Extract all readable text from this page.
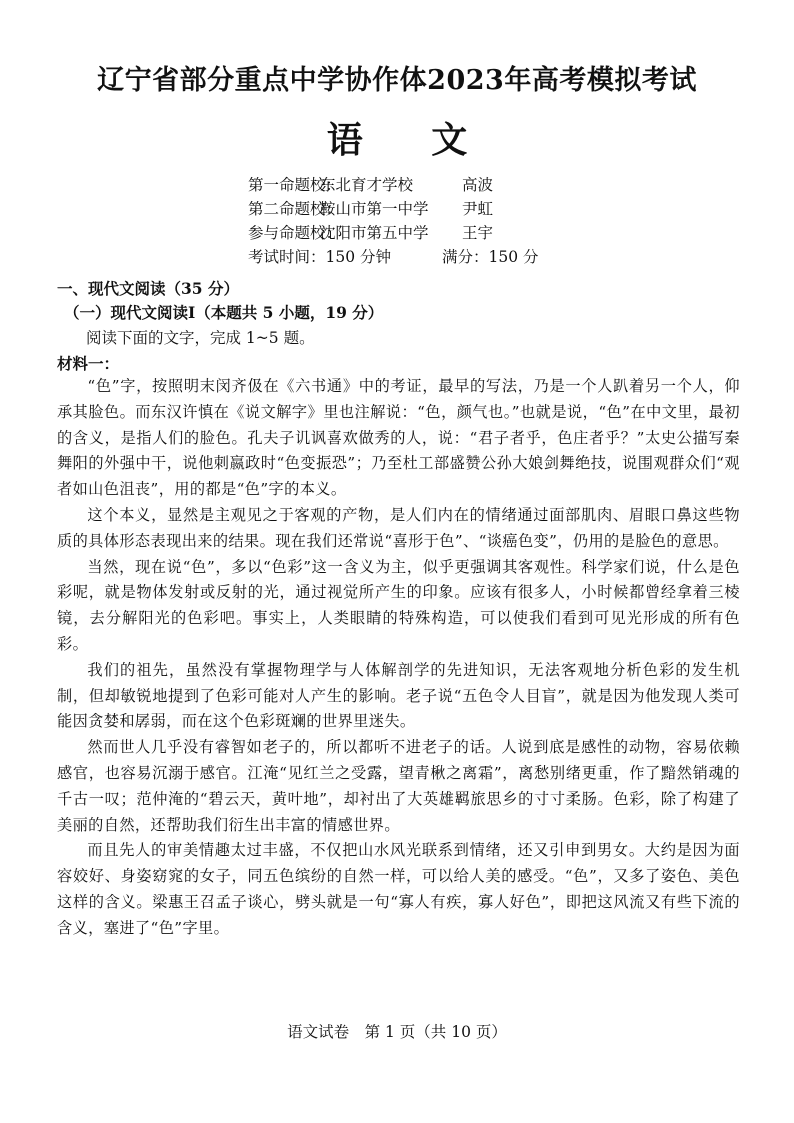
辽宁省部分重点中学协作体2023年高考模拟考试
语 文
第一命题校：
东北育才学校	高波
第二命题校：
鞍山市第一中学	尹虹
参与命题校：
沈阳市第五中学	王宇
考试时间：150 分钟	满分：150 分
一、现代文阅读（35 分）
（一）现代文阅读Ⅰ（本题共 5 小题，19 分）
阅读下面的文字，完成 1~5 题。
材料一：

“色”字，按照明末闵齐伋在《六书通》中的考证，最早的写法，乃是一个人趴着另一个人，仰承其脸色。而东汉许慎在《说文解字》里也注解说：“色，颜气也。”也就是说，“色”在中文里，最初的含义，是指人们的脸色。孔夫子讥讽喜欢做秀的人，说：“君子者乎，色庄者乎？”太史公描写秦舞阳的外强中干，说他刺嬴政时“色变振恐”；乃至杜工部盛赞公孙大娘剑舞绝技，说围观群众们“观者如山色沮丧”，用的都是“色”字的本义。

这个本义，显然是主观见之于客观的产物，是人们内在的情绪通过面部肌肉、眉眼口鼻这些物质的具体形态表现出来的结果。现在我们还常说“喜形于色”、“谈癌色变”，仍用的是脸色的意思。

当然，现在说“色”，多以“色彩”这一含义为主，似乎更强调其客观性。科学家们说，什么是色彩呢，就是物体发射或反射的光，通过视觉所产生的印象。应该有很多人，小时候都曾经拿着三棱镜，去分解阳光的色彩吧。事实上，人类眼睛的特殊构造，可以使我们看到可见光形成的所有色彩。

我们的祖先，虽然没有掌握物理学与人体解剖学的先进知识，无法客观地分析色彩的发生机制，但却敏锐地提到了色彩可能对人产生的影响。老子说“五色令人目盲”，就是因为他发现人类可能因贪婪和孱弱，而在这个色彩斑斓的世界里迷失。

然而世人几乎没有睿智如老子的，所以都听不进老子的话。人说到底是感性的动物，容易依赖感官，也容易沉溺于感官。江淹“见红兰之受露，望青楸之离霜”，离愁别绪更重，作了黯然销魂的千古一叹；范仲淹的“碧云天，黄叶地”，却衬出了大英雄羁旅思乡的寸寸柔肠。色彩，除了构建了美丽的自然，还帮助我们衍生出丰富的情感世界。

而且先人的审美情趣太过丰盛，不仅把山水风光联系到情绪，还又引申到男女。大约是因为面容姣好、身姿窈窕的女子，同五色缤纷的自然一样，可以给人美的感受。“色”，又多了姿色、美色这样的含义。梁惠王召孟子谈心，劈头就是一句“寡人有疾，寡人好色”，即把这风流又有些下流的含义，塞进了“色”字里。

语文试卷　第 1 页（共 10 页）
